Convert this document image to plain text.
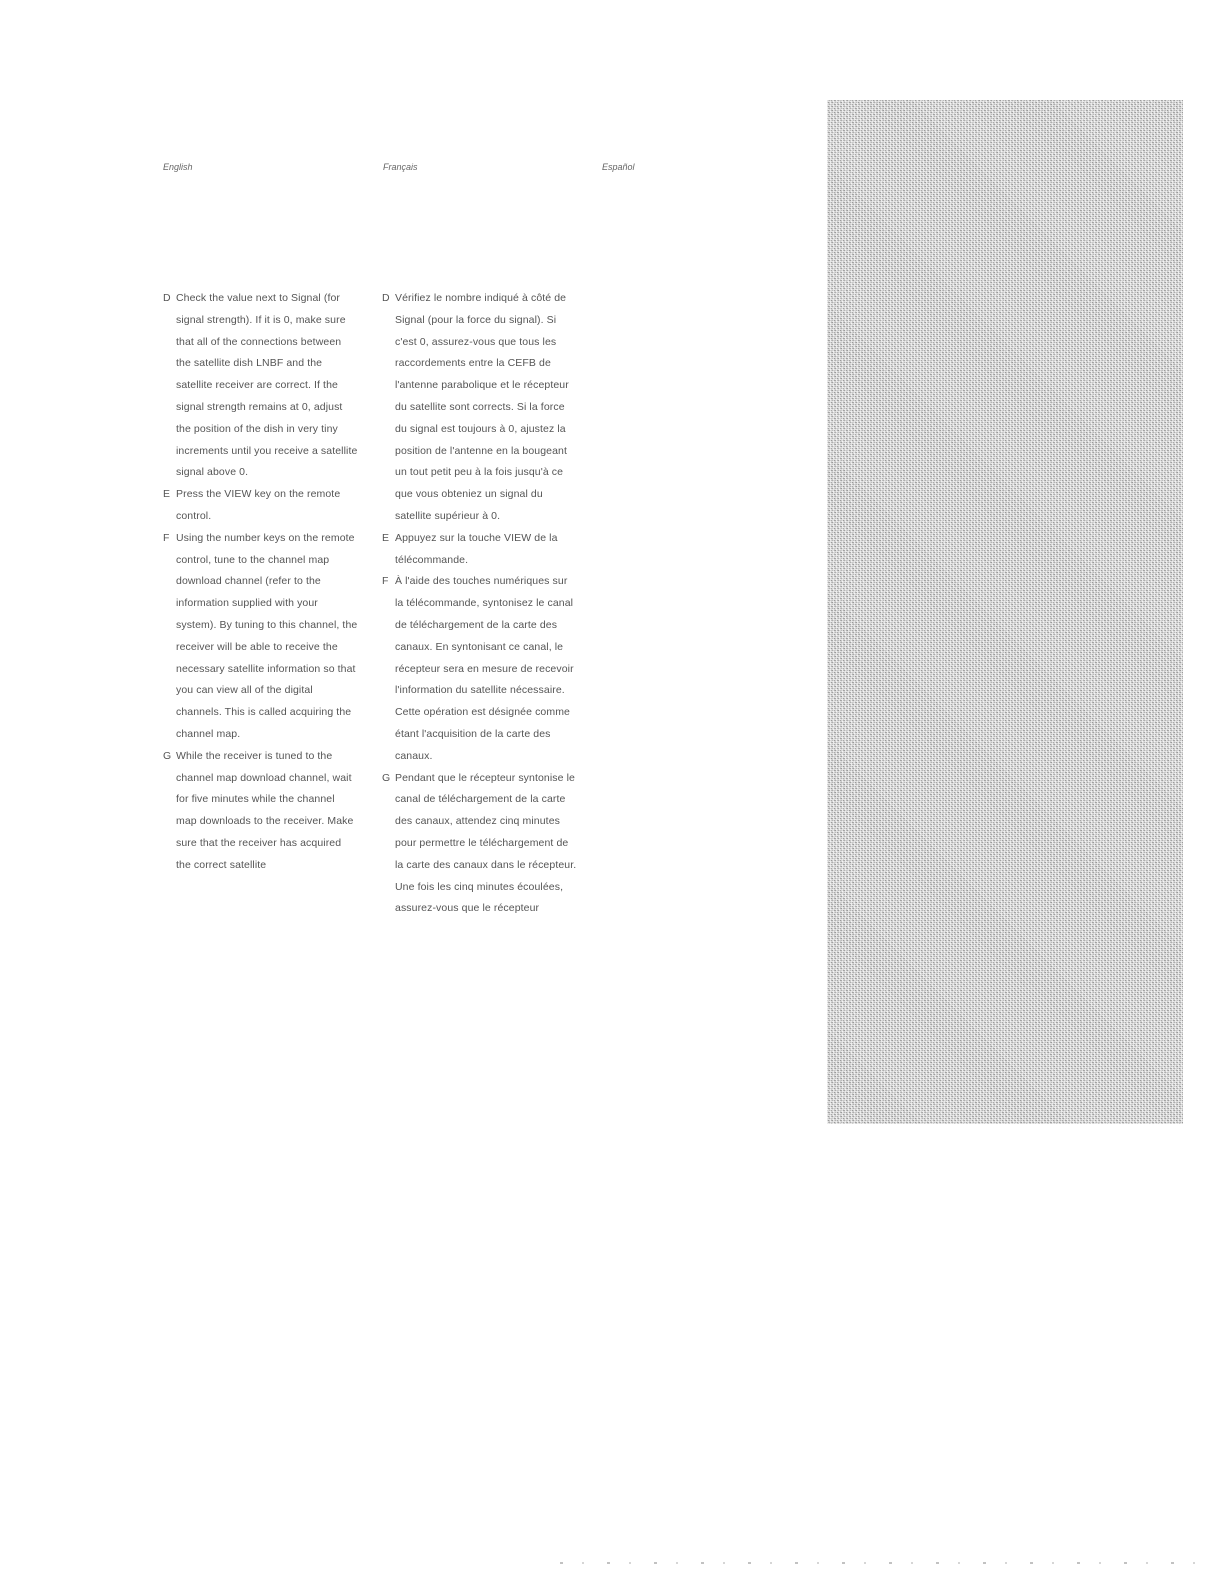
English	Français	Español
D Check the value next to Signal (for signal strength). If it is 0, make sure that all of the connections between the satellite dish LNBF and the satellite receiver are correct. If the signal strength remains at 0, adjust the position of the dish in very tiny increments until you receive a satellite signal above 0.
E Press the VIEW key on the remote control.
F Using the number keys on the remote control, tune to the channel map download channel (refer to the information supplied with your system). By tuning to this channel, the receiver will be able to receive the necessary satellite information so that you can view all of the digital channels. This is called acquiring the channel map.
G While the receiver is tuned to the channel map download channel, wait for five minutes while the channel map downloads to the receiver. Make sure that the receiver has acquired the correct satellite
D Vérifiez le nombre indiqué à côté de Signal (pour la force du signal). Si c'est 0, assurez-vous que tous les raccordements entre la CEFB de l'antenne parabolique et le récepteur du satellite sont corrects. Si la force du signal est toujours à 0, ajustez la position de l'antenne en la bougeant un tout petit peu à la fois jusqu'à ce que vous obteniez un signal du satellite supérieur à 0.
E Appuyez sur la touche VIEW de la télécommande.
F À l'aide des touches numériques sur la télécommande, syntonisez le canal de téléchargement de la carte des canaux. En syntonisant ce canal, le récepteur sera en mesure de recevoir l'information du satellite nécessaire. Cette opération est désignée comme étant l'acquisition de la carte des canaux.
G Pendant que le récepteur syntonise le canal de téléchargement de la carte des canaux, attendez cinq minutes pour permettre le téléchargement de la carte des canaux dans le récepteur. Une fois les cinq minutes écoulées, assurez-vous que le récepteur
